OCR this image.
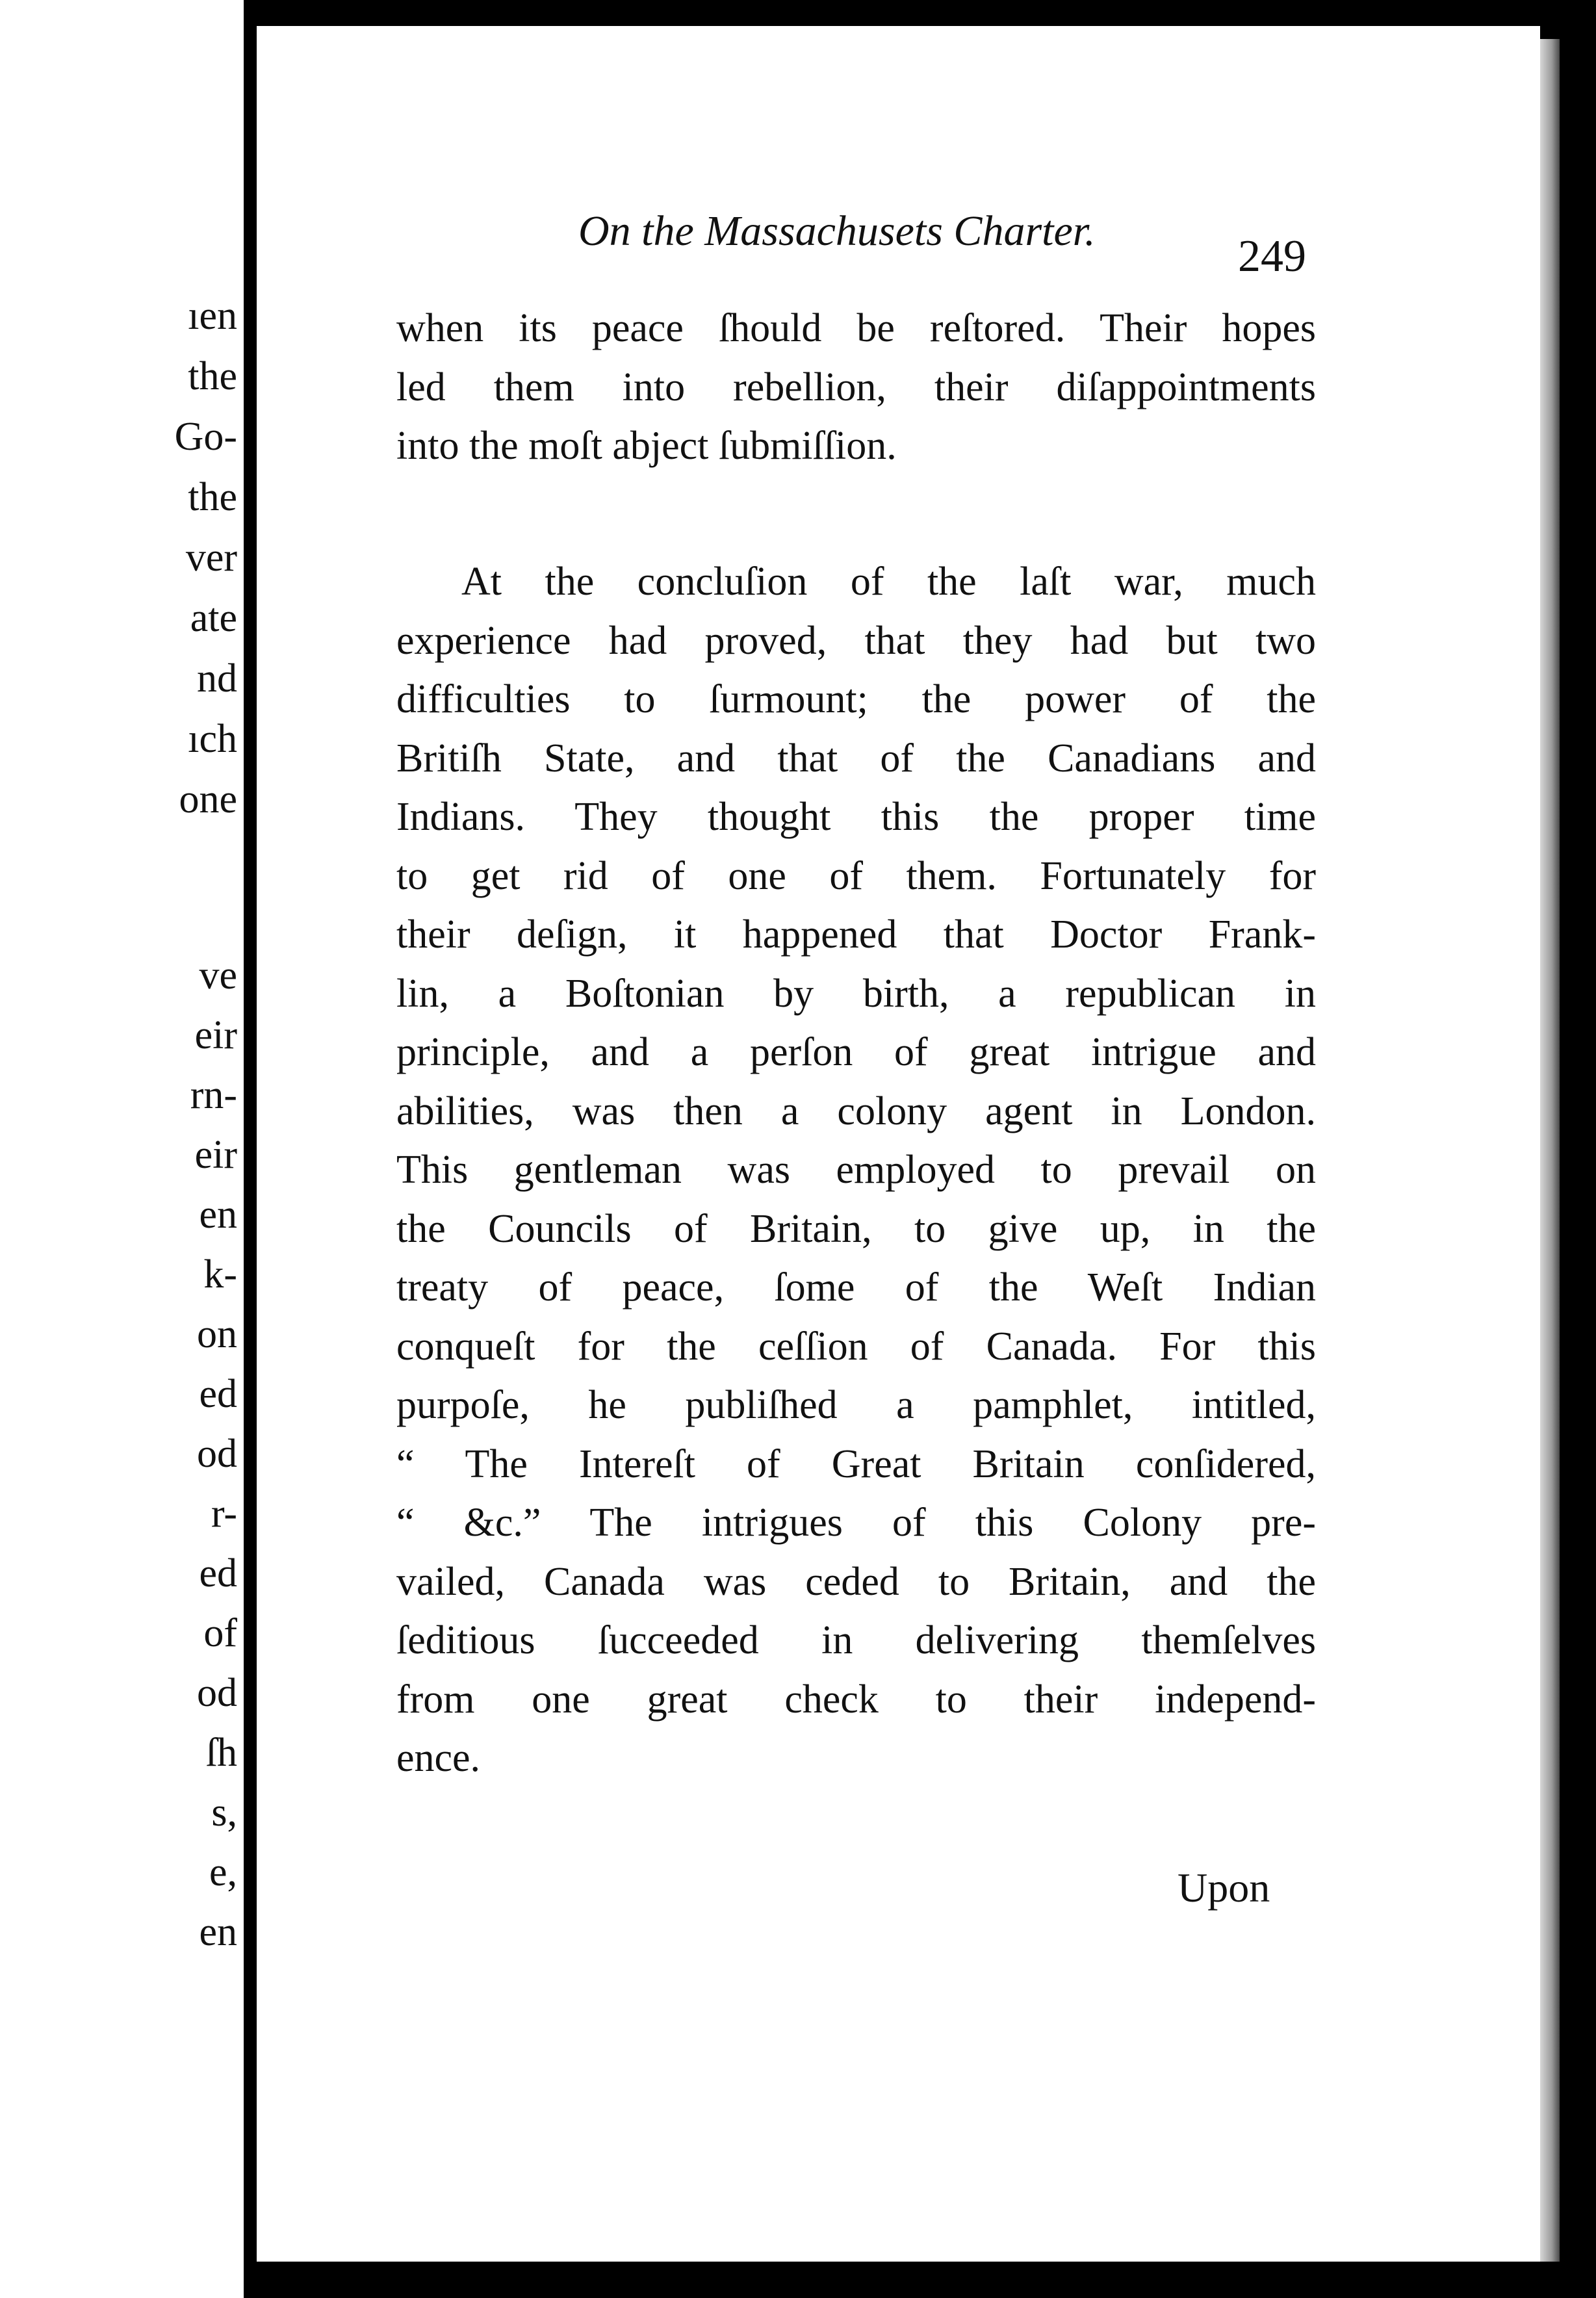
ıen
the
Go-
the
ver
ate
nd
ıch
one
ve
eir
rn-
eir
en
k-
on
ed
od
r-
ed
of
od
ſh
s,
e,
en
On the Massachusets Charter.
249
when its peace ſhould be reſtored. Their hopes
led them into rebellion, their diſappointments
into the moſt abject ſubmiſſion.
At the concluſion of the laſt war, much
experience had proved, that they had but two
difficulties to ſurmount; the power of the
Britiſh State, and that of the Canadians and
Indians. They thought this the proper time
to get rid of one of them. Fortunately for
their deſign, it happened that Doctor Frank-
lin, a Boſtonian by birth, a republican in
principle, and a perſon of great intrigue and
abilities, was then a colony agent in London.
This gentleman was employed to prevail on
the Councils of Britain, to give up, in the
treaty of peace, ſome of the Weſt Indian
conqueſt for the ceſſion of Canada. For this
purpoſe, he publiſhed a pamphlet, intitled,
“ The Intereſt of Great Britain conſidered,
“ &c.” The intrigues of this Colony pre-
vailed, Canada was ceded to Britain, and the
ſeditious ſucceeded in delivering themſelves
from one great check to their independ-
ence.
Upon
